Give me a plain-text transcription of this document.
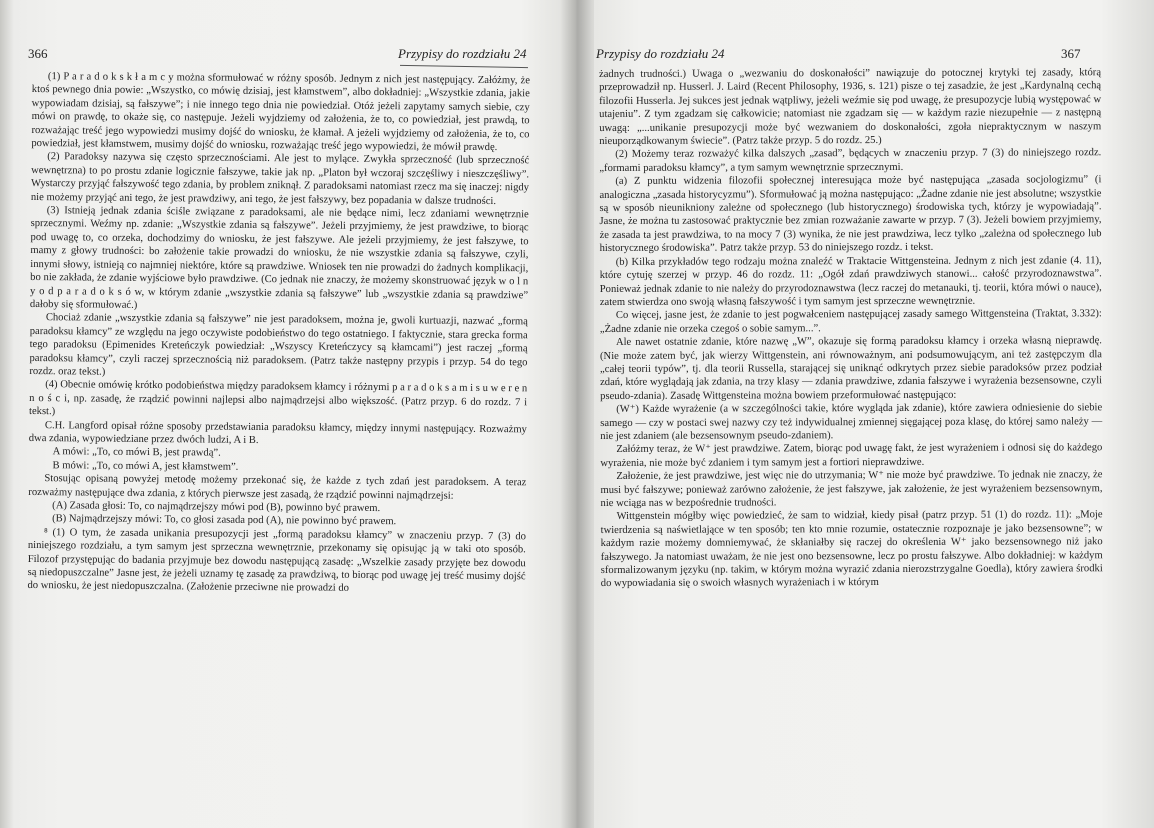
366	Przypisy do rozdziału 24

(1) P a r a d o k s k ł a m c y można sformułować w różny sposób. Jednym z nich jest następujący. Załóżmy, że ktoś pewnego dnia powie: „Wszystko, co mówię dzisiaj, jest kłamstwem”, albo dokładniej: „Wszystkie zdania, jakie wypowiadam dzisiaj, są fałszywe”; i nie innego tego dnia nie powiedział. Otóż jeżeli zapytamy samych siebie, czy mówi on prawdę, to okaże się, co następuje. Jeżeli wyjdziemy od założenia, że to, co powiedział, jest prawdą, to rozważając treść jego wypowiedzi musimy dojść do wniosku, że kłamał. A jeżeli wyjdziemy od założenia, że to, co powiedział, jest kłamstwem, musimy dojść do wniosku, rozważając treść jego wypowiedzi, że mówił prawdę.

(2) Paradoksy nazywa się często sprzecznościami. Ale jest to mylące. Zwykła sprzeczność (lub sprzeczność wewnętrzna) to po prostu zdanie logicznie fałszywe, takie jak np. „Platon był wczoraj szczęśliwy i nieszczęśliwy”. Wystarczy przyjąć fałszywość tego zdania, by problem zniknął. Z paradoksami natomiast rzecz ma się inaczej: nigdy nie możemy przyjąć ani tego, że jest prawdziwy, ani tego, że jest fałszywy, bez popadania w dalsze trudności.

(3) Istnieją jednak zdania ściśle związane z paradoksami, ale nie będące nimi, lecz zdaniami wewnętrznie sprzecznymi. Weźmy np. zdanie: „Wszystkie zdania są fałszywe”. Jeżeli przyjmiemy, że jest prawdziwe, to biorąc pod uwagę to, co orzeka, dochodzimy do wniosku, że jest fałszywe. Ale jeżeli przyjmiemy, że jest fałszywe, to mamy z głowy trudności: bo założenie takie prowadzi do wniosku, że nie wszystkie zdania są fałszywe, czyli, innymi słowy, istnieją co najmniej niektóre, które są prawdziwe. Wniosek ten nie prowadzi do żadnych komplikacji, bo nie zakłada, że zdanie wyjściowe było prawdziwe. (Co jednak nie znaczy, że możemy skonstruować język w o l n y o d p a r a d o k s ó w, w którym zdanie „wszystkie zdania są fałszywe” lub „wszystkie zdania są prawdziwe” dałoby się sformułować.)

Chociaż zdanie „wszystkie zdania są fałszywe” nie jest paradoksem, można je, gwoli kurtuazji, nazwać „formą paradoksu kłamcy” ze względu na jego oczywiste podobieństwo do tego ostatniego. I faktycznie, stara grecka forma tego paradoksu (Epimenides Kreteńczyk powiedział: „Wszyscy Kreteńczycy są kłamcami”) jest raczej „formą paradoksu kłamcy”, czyli raczej sprzecznością niż paradoksem. (Patrz także następny przypis i przyp. 54 do tego rozdz. oraz tekst.)

(4) Obecnie omówię krótko podobieństwa między paradoksem kłamcy i różnymi p a r a d o k s a m i s u w e r e n n o ś c i, np. zasadę, że rządzić powinni najlepsi albo najmądrzejsi albo większość. (Patrz przyp. 6 do rozdz. 7 i tekst.)

C.H. Langford opisał różne sposoby przedstawiania paradoksu kłamcy, między innymi następujący. Rozważmy dwa zdania, wypowiedziane przez dwóch ludzi, A i B.

A mówi: „To, co mówi B, jest prawdą”.

B mówi: „To, co mówi A, jest kłamstwem”.

Stosując opisaną powyżej metodę możemy przekonać się, że każde z tych zdań jest paradoksem. A teraz rozważmy następujące dwa zdania, z których pierwsze jest zasadą, że rządzić powinni najmądrzejsi:

(A) Zasada głosi: To, co najmądrzejszy mówi pod (B), powinno być prawem.

(B) Najmądrzejszy mówi: To, co głosi zasada pod (A), nie powinno być prawem.

⁸ (1) O tym, że zasada unikania presupozycji jest „formą paradoksu kłamcy” w znaczeniu przyp. 7 (3) do niniejszego rozdziału, a tym samym jest sprzeczna wewnętrznie, przekonamy się opisując ją w taki oto sposób. Filozof przystępując do badania przyjmuje bez dowodu następującą zasadę: „Wszelkie zasady przyjęte bez dowodu są niedopuszczalne” Jasne jest, że jeżeli uznamy tę zasadę za prawdziwą, to biorąc pod uwagę jej treść musimy dojść do wniosku, że jest niedopuszczalna. (Założenie przeciwne nie prowadzi do

Przypisy do rozdziału 24	367

żadnych trudności.) Uwaga o „wezwaniu do doskonałości” nawiązuje do potocznej krytyki tej zasady, którą przeprowadził np. Husserl. J. Laird (Recent Philosophy, 1936, s. 121) pisze o tej zasadzie, że jest „Kardynalną cechą filozofii Husserla. Jej sukces jest jednak wątpliwy, jeżeli weźmie się pod uwagę, że presupozycje lubią występować w utajeniu”. Z tym zgadzam się całkowicie; natomiast nie zgadzam się — w każdym razie niezupełnie — z następną uwagą: „...unikanie presupozycji może być wezwaniem do doskonałości, zgoła niepraktycznym w naszym nieuporządkowanym świecie”. (Patrz także przyp. 5 do rozdz. 25.)

(2) Możemy teraz rozważyć kilka dalszych „zasad”, będących w znaczeniu przyp. 7 (3) do niniejszego rozdz. „formami paradoksu kłamcy”, a tym samym wewnętrznie sprzecznymi.

(a) Z punktu widzenia filozofii społecznej interesująca może być następująca „zasada socjologizmu” (i analogiczna „zasada historycyzmu”). Sformułować ją można następująco: „Żadne zdanie nie jest absolutne; wszystkie są w sposób nieunikniony zależne od społecznego (lub historycznego) środowiska tych, którzy je wypowiadają”. Jasne, że można tu zastosować praktycznie bez zmian rozważanie zawarte w przyp. 7 (3). Jeżeli bowiem przyjmiemy, że zasada ta jest prawdziwa, to na mocy 7 (3) wynika, że nie jest prawdziwa, lecz tylko „zależna od społecznego lub historycznego środowiska”. Patrz także przyp. 53 do niniejszego rozdz. i tekst.

(b) Kilka przykładów tego rodzaju można znaleźć w Traktacie Wittgensteina. Jednym z nich jest zdanie (4. 11), które cytuję szerzej w przyp. 46 do rozdz. 11: „Ogół zdań prawdziwych stanowi... całość przyrodoznawstwa”. Ponieważ jednak zdanie to nie należy do przyrodoznawstwa (lecz raczej do metanauki, tj. teorii, która mówi o nauce), zatem stwierdza ono swoją własną fałszywość i tym samym jest sprzeczne wewnętrznie.

Co więcej, jasne jest, że zdanie to jest pogwałceniem następującej zasady samego Wittgensteina (Traktat, 3.332): „Żadne zdanie nie orzeka czegoś o sobie samym...”.

Ale nawet ostatnie zdanie, które nazwę „W”, okazuje się formą paradoksu kłamcy i orzeka własną nieprawdę. (Nie może zatem być, jak wierzy Wittgenstein, ani równoważnym, ani podsumowującym, ani też zastępczym dla „całej teorii typów”, tj. dla teorii Russella, starającej się uniknąć odkrytych przez siebie paradoksów przez podział zdań, które wyglądają jak zdania, na trzy klasy — zdania prawdziwe, zdania fałszywe i wyrażenia bezsensowne, czyli pseudo-zdania). Zasadę Wittgensteina można bowiem przeformułować następująco:

(W⁺) Każde wyrażenie (a w szczególności takie, które wygląda jak zdanie), które zawiera odniesienie do siebie samego — czy w postaci swej nazwy czy też indywidualnej zmiennej sięgającej poza klasę, do której samo należy — nie jest zdaniem (ale bezsensownym pseudo-zdaniem).

Załóżmy teraz, że W⁺ jest prawdziwe. Zatem, biorąc pod uwagę fakt, że jest wyrażeniem i odnosi się do każdego wyrażenia, nie może być zdaniem i tym samym jest a fortiori nieprawdziwe.

Założenie, że jest prawdziwe, jest więc nie do utrzymania; W⁺ nie może być prawdziwe. To jednak nie znaczy, że musi być fałszywe; ponieważ zarówno założenie, że jest fałszywe, jak założenie, że jest wyrażeniem bezsensownym, nie wciąga nas w bezpośrednie trudności.

Wittgenstein mógłby więc powiedzieć, że sam to widział, kiedy pisał (patrz przyp. 51 (1) do rozdz. 11): „Moje twierdzenia są naświetlające w ten sposób; ten kto mnie rozumie, ostatecznie rozpoznaje je jako bezsensowne”; w każdym razie możemy domniemywać, że skłaniałby się raczej do określenia W⁺ jako bezsensownego niż jako fałszywego. Ja natomiast uważam, że nie jest ono bezsensowne, lecz po prostu fałszywe. Albo dokładniej: w każdym sformalizowanym języku (np. takim, w którym można wyrazić zdania nierozstrzygalne Goedla), który zawiera środki do wypowiadania się o swoich własnych wyrażeniach i w którym
